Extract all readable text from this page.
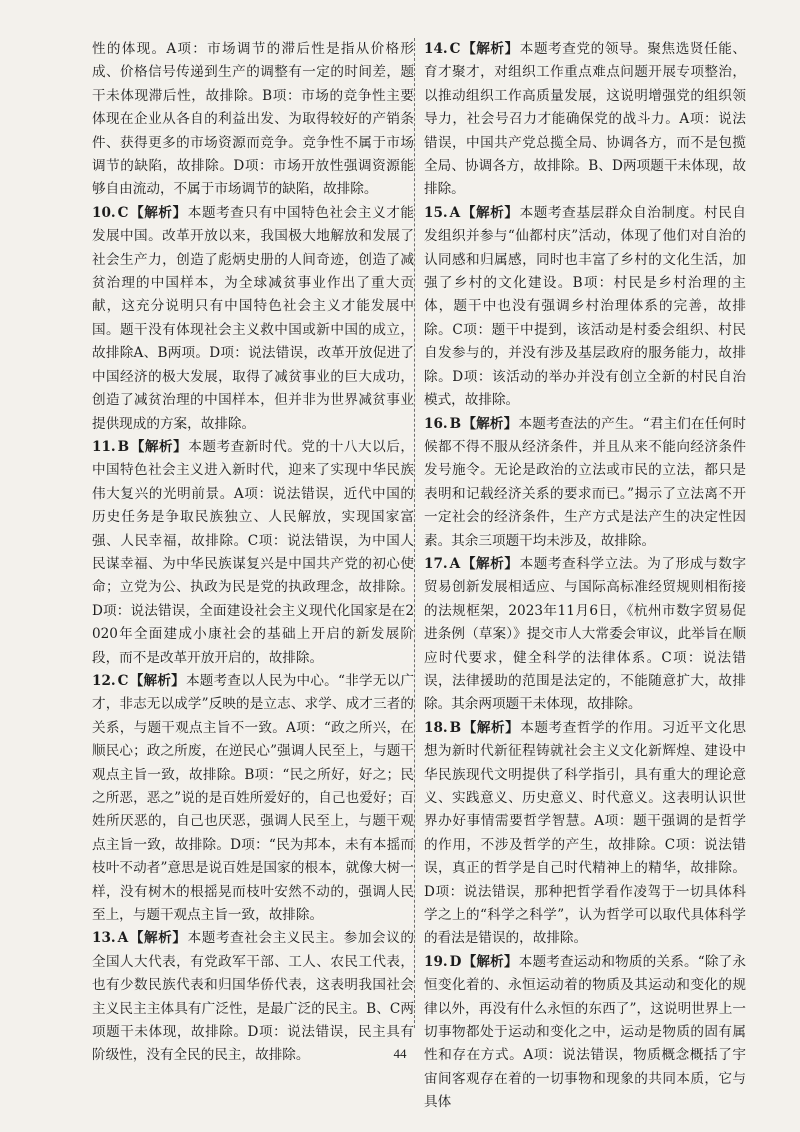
性的体现。A项：市场调节的滞后性是指从价格形成、价格信号传递到生产的调整有一定的时间差，题干未体现滞后性，故排除。B项：市场的竞争性主要体现在企业从各自的利益出发、为取得较好的产销条件、获得更多的市场资源而竞争。竞争性不属于市场调节的缺陷，故排除。D项：市场开放性强调资源能够自由流动，不属于市场调节的缺陷，故排除。

10. C【解析】本题考查只有中国特色社会主义才能发展中国。改革开放以来，我国极大地解放和发展了社会生产力，创造了彪炳史册的人间奇迹，创造了减贫治理的中国样本，为全球减贫事业作出了重大贡献，这充分说明只有中国特色社会主义才能发展中国。题干没有体现社会主义救中国或新中国的成立，故排除A、B两项。D项：说法错误，改革开放促进了中国经济的极大发展，取得了减贫事业的巨大成功，创造了减贫治理的中国样本，但并非为世界减贫事业提供现成的方案，故排除。

11. B【解析】本题考查新时代。党的十八大以后，中国特色社会主义进入新时代，迎来了实现中华民族伟大复兴的光明前景。A项：说法错误，近代中国的历史任务是争取民族独立、人民解放，实现国家富强、人民幸福，故排除。C项：说法错误，为中国人民谋幸福、为中华民族谋复兴是中国共产党的初心使命；立党为公、执政为民是党的执政理念，故排除。D项：说法错误，全面建设社会主义现代化国家是在2020年全面建成小康社会的基础上开启的新发展阶段，而不是改革开放开启的，故排除。

12. C【解析】本题考查以人民为中心。“非学无以广才，非志无以成学”反映的是立志、求学、成才三者的关系，与题干观点主旨不一致。A项：“政之所兴，在顺民心；政之所废，在逆民心”强调人民至上，与题干观点主旨一致，故排除。B项：“民之所好，好之；民之所恶，恶之”说的是百姓所爱好的，自己也爱好；百姓所厌恶的，自己也厌恶，强调人民至上，与题干观点主旨一致，故排除。D项：“民为邦本，未有本摇而枝叶不动者”意思是说百姓是国家的根本，就像大树一样，没有树木的根摇晃而枝叶安然不动的，强调人民至上，与题干观点主旨一致，故排除。

13. A【解析】本题考查社会主义民主。参加会议的全国人大代表，有党政军干部、工人、农民工代表，也有少数民族代表和归国华侨代表，这表明我国社会主义民主主体具有广泛性，是最广泛的民主。B、C两项题干未体现，故排除。D项：说法错误，民主具有阶级性，没有全民的民主，故排除。

14. C【解析】本题考查党的领导。聚焦选贤任能、育才聚才，对组织工作重点难点问题开展专项整治，以推动组织工作高质量发展，这说明增强党的组织领导力，社会号召力才能确保党的战斗力。A项：说法错误，中国共产党总揽全局、协调各方，而不是包揽全局、协调各方，故排除。B、D两项题干未体现，故排除。

15. A【解析】本题考查基层群众自治制度。村民自发组织并参与“仙都村庆”活动，体现了他们对自治的认同感和归属感，同时也丰富了乡村的文化生活，加强了乡村的文化建设。B项：村民是乡村治理的主体，题干中也没有强调乡村治理体系的完善，故排除。C项：题干中提到，该活动是村委会组织、村民自发参与的，并没有涉及基层政府的服务能力，故排除。D项：该活动的举办并没有创立全新的村民自治模式，故排除。

16. B【解析】本题考查法的产生。“君主们在任何时候都不得不服从经济条件，并且从来不能向经济条件发号施令。无论是政治的立法或市民的立法，都只是表明和记载经济关系的要求而已。”揭示了立法离不开一定社会的经济条件，生产方式是法产生的决定性因素。其余三项题干均未涉及，故排除。

17. A【解析】本题考查科学立法。为了形成与数字贸易创新发展相适应、与国际高标准经贸规则相衔接的法规框架，2023年11月6日，《杭州市数字贸易促进条例（草案）》提交市人大常委会审议，此举旨在顺应时代要求，健全科学的法律体系。C项：说法错误，法律援助的范围是法定的，不能随意扩大，故排除。其余两项题干未体现，故排除。

18. B【解析】本题考查哲学的作用。习近平文化思想为新时代新征程铸就社会主义文化新辉煌、建设中华民族现代文明提供了科学指引，具有重大的理论意义、实践意义、历史意义、时代意义。这表明认识世界办好事情需要哲学智慧。A项：题干强调的是哲学的作用，不涉及哲学的产生，故排除。C项：说法错误，真正的哲学是自己时代精神上的精华，故排除。D项：说法错误，那种把哲学看作凌驾于一切具体科学之上的“科学之科学”，认为哲学可以取代具体科学的看法是错误的，故排除。

19. D【解析】本题考查运动和物质的关系。“除了永恒变化着的、永恒运动着的物质及其运动和变化的规律以外，再没有什么永恒的东西了”，这说明世界上一切事物都处于运动和变化之中，运动是物质的固有属性和存在方式。A项：说法错误，物质概念概括了宇宙间客观存在着的一切事物和现象的共同本质，它与具体

44
